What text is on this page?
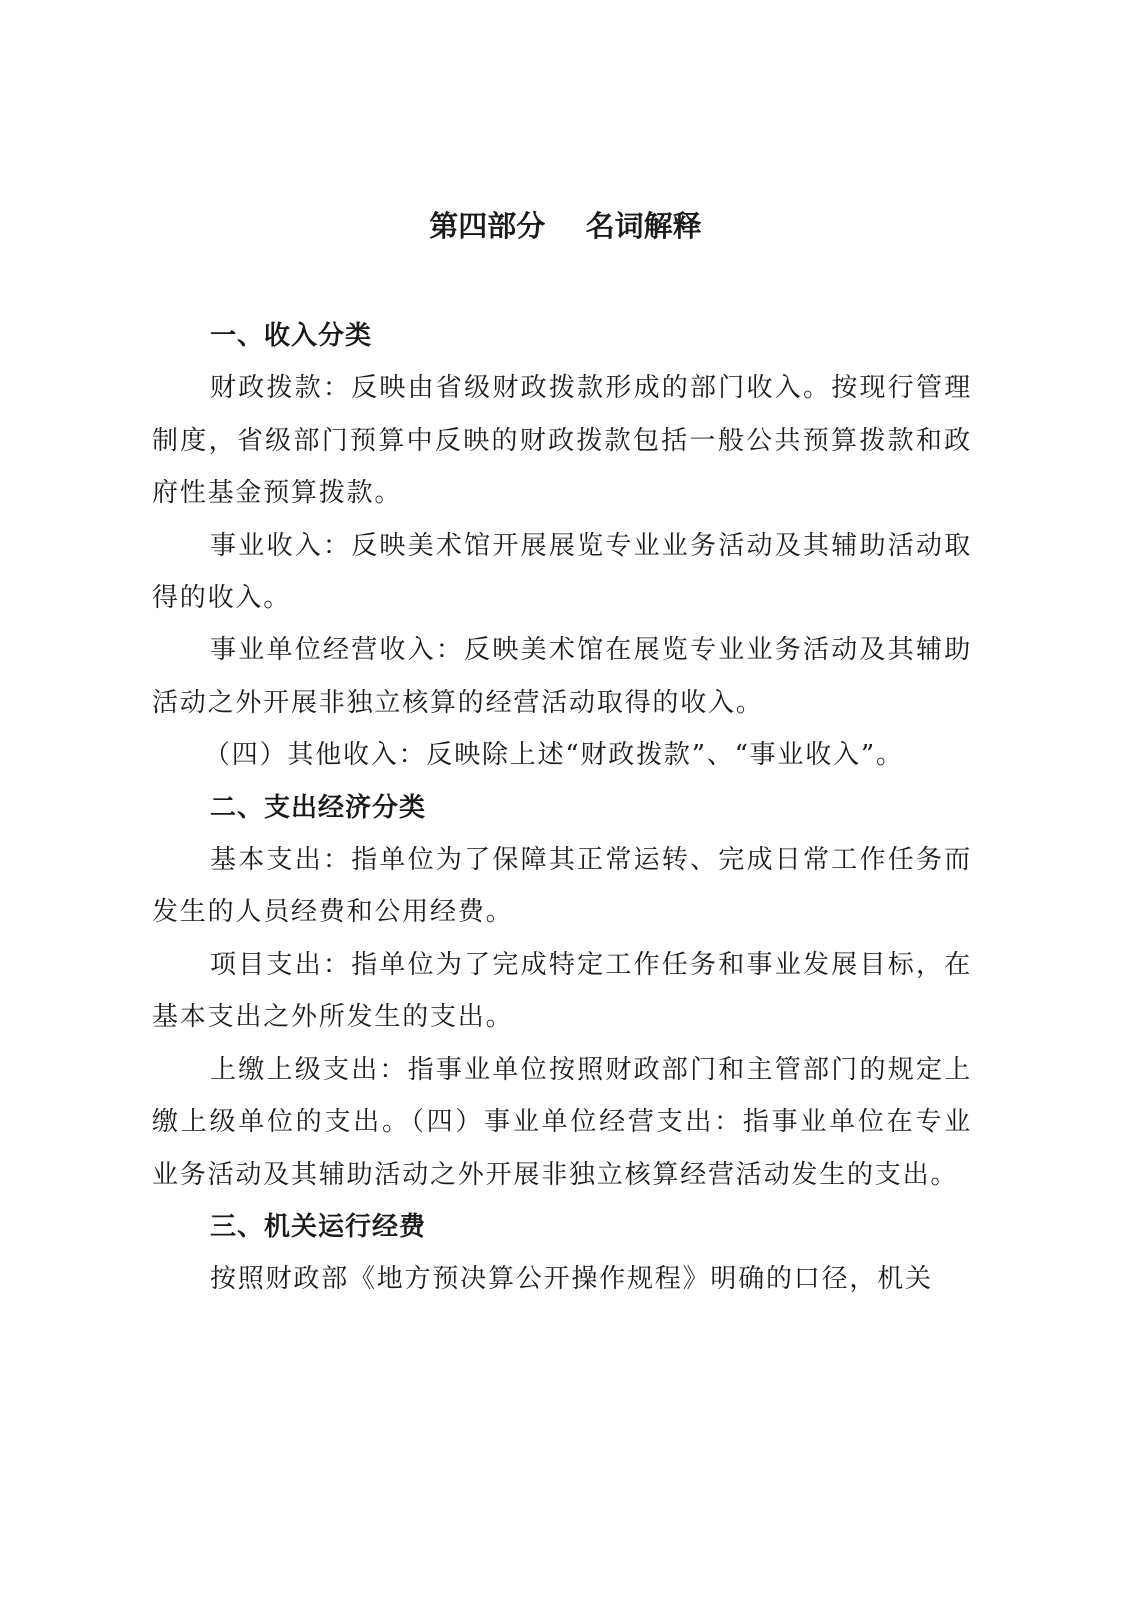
第四部分    名词解释

一、收入分类

财政拨款：反映由省级财政拨款形成的部门收入。按现行管理制度，省级部门预算中反映的财政拨款包括一般公共预算拨款和政府性基金预算拨款。

事业收入：反映美术馆开展展览专业业务活动及其辅助活动取得的收入。

事业单位经营收入：反映美术馆在展览专业业务活动及其辅助活动之外开展非独立核算的经营活动取得的收入。

（四）其他收入：反映除上述“财政拨款”、“事业收入”。

二、支出经济分类

基本支出：指单位为了保障其正常运转、完成日常工作任务而发生的人员经费和公用经费。

项目支出：指单位为了完成特定工作任务和事业发展目标，在基本支出之外所发生的支出。

上缴上级支出：指事业单位按照财政部门和主管部门的规定上缴上级单位的支出。（四）事业单位经营支出：指事业单位在专业业务活动及其辅助活动之外开展非独立核算经营活动发生的支出。

三、机关运行经费

按照财政部《地方预决算公开操作规程》明确的口径，机关
